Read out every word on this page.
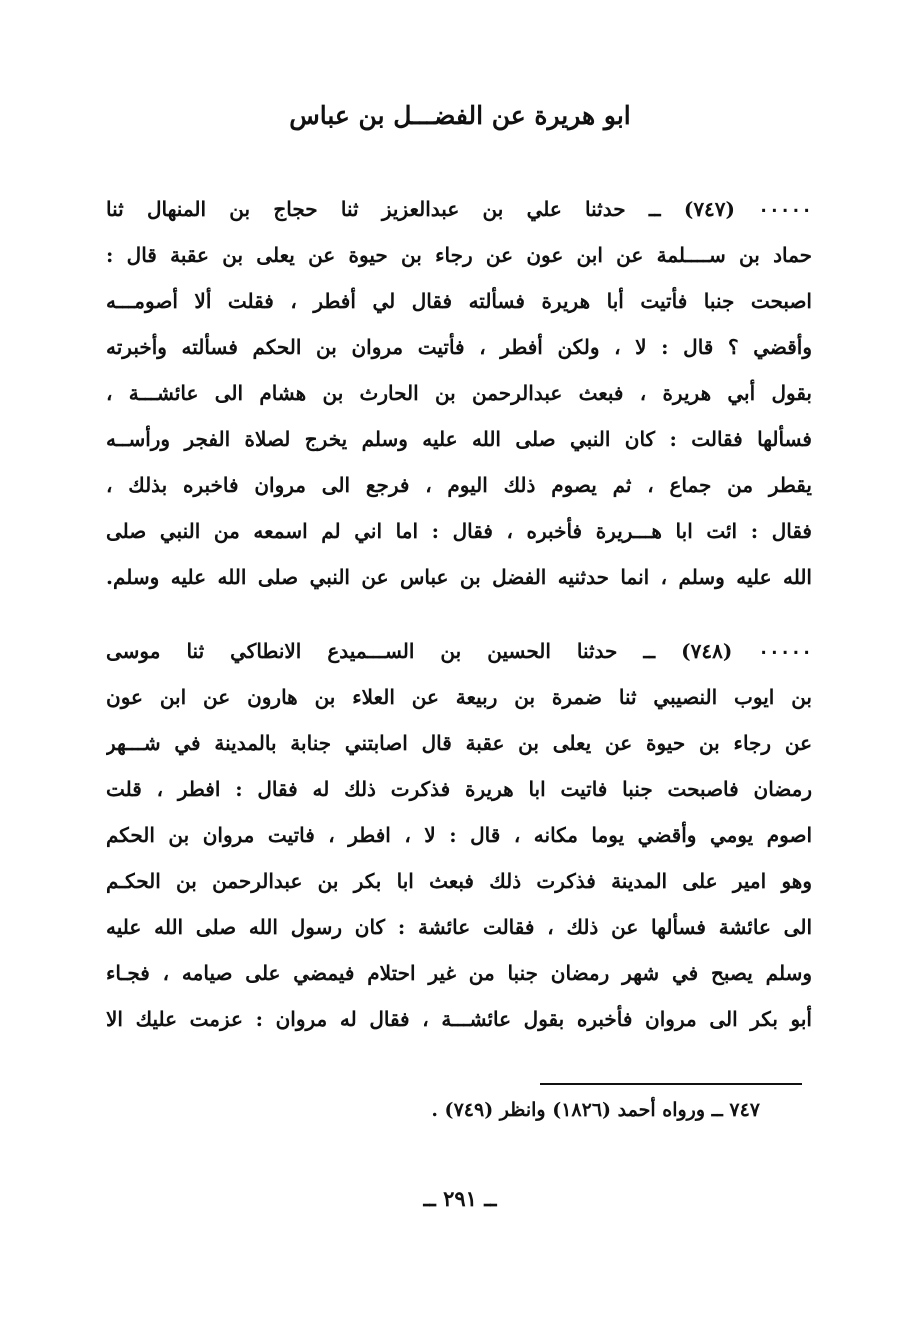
ابو هريرة عن الفضـــل بن عباس
٠٠٠٠٠ (٧٤٧) ــ حدثنا علي بن عبدالعزيز ثنا حجاج بن المنهال ثنا
حماد بن ســــلمة عن ابن عون عن رجاء بن حيوة عن يعلى بن عقبة قال :
اصبحت جنبا فأتيت أبا هريرة فسألته فقال لي أفطر ، فقلت ألا أصومـــه
وأقضي ؟ قال : لا ، ولكن أفطر ، فأتيت مروان بن الحكم فسألته وأخبرته
بقول أبي هريرة ، فبعث عبدالرحمن بن الحارث بن هشام الى عائشـــة ،
فسألها فقالت : كان النبي صلى الله عليه وسلم يخرج لصلاة الفجر ورأســه
يقطر من جماع ، ثم يصوم ذلك اليوم ، فرجع الى مروان فاخبره بذلك ،
فقال : ائت ابا هـــريرة فأخبره ، فقال : اما اني لم اسمعه من النبي صلى
الله عليه وسلم ، انما حدثنيه الفضل بن عباس عن النبي صلى الله عليه وسلم.
٠٠٠٠٠ (٧٤٨) ــ حدثنا الحسين بن الســـميدع الانطاكي ثنا موسى
بن ايوب النصيبي ثنا ضمرة بن ربيعة عن العلاء بن هارون عن ابن عون
عن رجاء بن حيوة عن يعلى بن عقبة قال اصابتني جنابة بالمدينة في شـــهر
رمضان فاصبحت جنبا فاتيت ابا هريرة فذكرت ذلك له فقال : افطر ، قلت
اصوم يومي وأقضي يوما مكانه ، قال : لا ، افطر ، فاتيت مروان بن الحكم
وهو امير على المدينة فذكرت ذلك فبعث ابا بكر بن عبدالرحمن بن الحكـم
الى عائشة فسألها عن ذلك ، فقالت عائشة : كان رسول الله صلى الله عليه
وسلم يصبح في شهر رمضان جنبا من غير احتلام فيمضي على صيامه ، فجـاء
أبو بكر الى مروان فأخبره بقول عائشـــة ، فقال له مروان : عزمت عليك الا
٧٤٧ ــ ورواه أحمد (١٨٢٦) وانظر (٧٤٩) .
ــ ٢٩١ ــ
